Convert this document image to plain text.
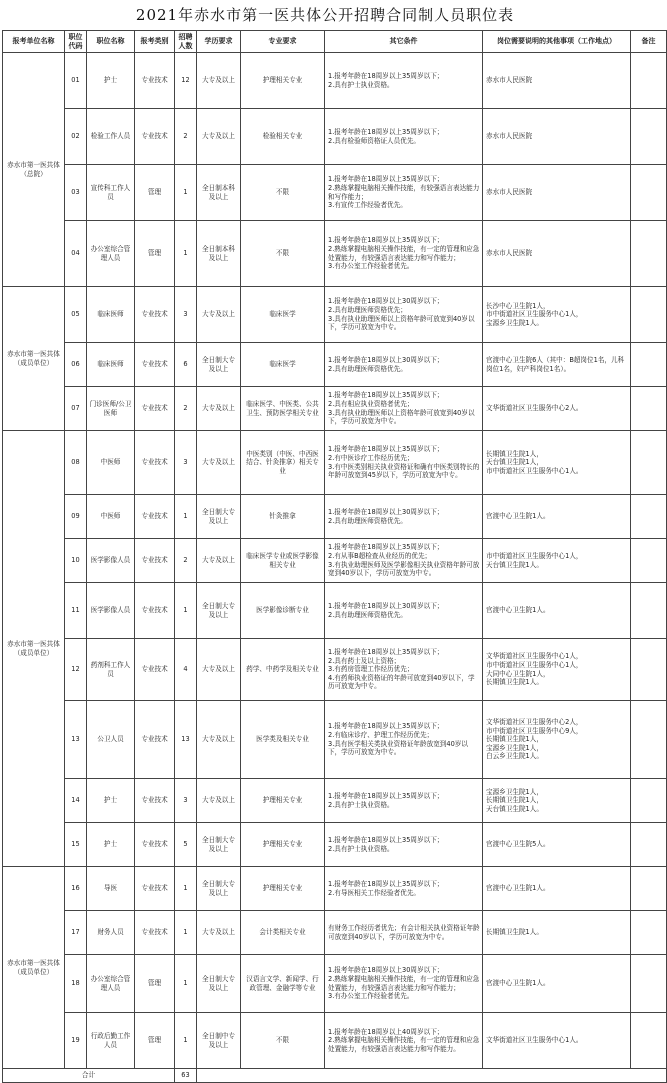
2021年赤水市第一医共体公开招聘合同制人员职位表
报考单位名称	职位代码	职位名称	报考类别	招聘人数	学历要求	专业要求	其它条件	岗位需要说明的其他事项（工作地点）	备注
赤水市第一医共体（总院）	01	护士	专业技术	12	大专及以上	护理相关专业	1.报考年龄在18周岁以上35周岁以下；
2.具有护士执业资格。	赤水市人民医院	

	02	检验工作人员	专业技术	2	大专及以上	检验相关专业	1.报考年龄在18周岁以上35周岁以下；
2.具有检验师资格证人员优先。	赤水市人民医院	

	03	宣传科工作人员	管理	1	全日制本科及以上	不限	1.报考年龄在18周岁以上35周岁以下；
2.熟练掌握电脑相关操作技能，有较强语言表达能力和写作能力；
3.有宣传工作经验者优先。	赤水市人民医院	

	04	办公室综合管理人员	管理	1	全日制本科及以上	不限	1.报考年龄在18周岁以上35周岁以下；
2.熟练掌握电脑相关操作技能，有一定的管理和应急处置能力，有较强语言表达能力和写作能力；
3.有办公室工作经验者优先。	赤水市人民医院	

赤水市第一医共体（成员单位）	05	临床医师	专业技术	3	大专及以上	临床医学	1.报考年龄在18周岁以上30周岁以下；
2.具有助理医师资格优先；
3.具有执业助理医师以上资格年龄可放宽到40岁以下，学历可放宽为中专。	长沙中心卫生院1人，
市中街道社区卫生服务中心1人，
宝源乡卫生院1人。	

	06	临床医师	专业技术	6	全日制大专及以上	临床医学	1.报考年龄在18周岁以上30周岁以下；
2.具有助理医师资格优先。	官渡中心卫生院6人（其中：B超岗位1名，儿科岗位1名，妇产科岗位1名）。	

	07	门诊医师/公卫医师	专业技术	2	大专及以上	临床医学、中医类、公共卫生、预防医学相关专业	1.报考年龄在18周岁以上35周岁以下；
2.具有相应执业资格者优先；
3.具有执业助理医师以上资格年龄可放宽到40岁以下，学历可放宽为中专。	文华街道社区卫生服务中心2人。	

赤水市第一医共体（成员单位）	08	中医师	专业技术	3	大专及以上	中医类别（中医、中西医结合、针灸推拿）相关专业	1.报考年龄在18周岁以上35周岁以下；
2.有中医诊疗工作经历优先；
3.有中医类别相关执业资格证和确有中医类别特长的年龄可放宽到45岁以下，学历可放宽为中专。	长期镇卫生院1人，
天台镇卫生院1人，
市中街道社区卫生服务中心1人。	

	09	中医师	专业技术	1	全日制大专及以上	针灸推拿	1.报考年龄在18周岁以上30周岁以下；
2.具有助理医师资格优先。	官渡中心卫生院1人。	

	10	医学影像人员	专业技术	2	大专及以上	临床医学专业或医学影像相关专业	1.报考年龄在18周岁以上35周岁以下；
2.有从事B超检查从业经历的优先；
3.有执业助理医师及医学影像相关执业资格年龄可放宽到40岁以下，学历可放宽为中专。	市中街道社区卫生服务中心1人，
天台镇卫生院1人。	

	11	医学影像人员	专业技术	1	全日制大专及以上	医学影像诊断专业	1.报考年龄在18周岁以上30周岁以下；
2.具有助理医师资格优先。	官渡中心卫生院1人。	

	12	药剂科工作人员	专业技术	4	大专及以上	药学、中药学及相关专业	1.报考年龄在18周岁以上35周岁以下；
2.具有药士及以上资格；
3.有药房管理工作经历优先；
4.有药师执业资格证的年龄可放宽到40岁以下，学历可放宽为中专。	文华街道社区卫生服务中心1人，
市中街道社区卫生服务中心1人，
大同中心卫生院1人，
长期镇卫生院1人。	

	13	公卫人员	专业技术	13	大专及以上	医学类及相关专业	1.报考年龄在18周岁以上35周岁以下；
2.有临床诊疗、护理工作经历优先；
3.具有医学相关类执业资格证年龄放宽到40岁以下，学历可放宽为中专。	文华街道社区卫生服务中心2人，
市中街道社区卫生服务中心9人，
长期镇卫生院1人，
宝源乡卫生院1人，
白云乡卫生院1人。	

	14	护士	专业技术	3	大专及以上	护理相关专业	1.报考年龄在18周岁以上35周岁以下；
2.具有护士执业资格。	宝源乡卫生院1人，
长期镇卫生院1人，
天台镇卫生院1人。	

	15	护士	专业技术	5	全日制大专及以上	护理相关专业	1.报考年龄在18周岁以上35周岁以下；
2.具有护士执业资格。	官渡中心卫生院5人。	

赤水市第一医共体（成员单位）	16	导医	专业技术	1	全日制大专及以上	护理相关专业	1.报考年龄在18周岁以上35周岁以下；
2.有导医相关工作经验者优先。	官渡中心卫生院1人。	

	17	财务人员	专业技术	1	大专及以上	会计类相关专业	有财务工作经历者优先；有会计相关执业资格证年龄可放宽到40岁以下，学历可放宽为中专。	长期镇卫生院1人。	

	18	办公室综合管理人员	管理	1	全日制大专及以上	汉语言文学、新闻学、行政管理、金融学等专业	1.报考年龄在18周岁以上30周岁以下；
2.熟练掌握电脑相关操作技能，有一定的管理和应急处置能力，有较强语言表达能力和写作能力；
3.有办公室工作经验者优先。	官渡中心卫生院1人。	

	19	行政后勤工作人员	管理	1	全日制中专及以上	不限	1.报考年龄在18周岁以上40周岁以下；
2.熟练掌握电脑相关操作技能，有一定的管理和应急处置能力，有较强语言表达能力和写作能力。	文华街道社区卫生服务中心1人。	

合计				63					
